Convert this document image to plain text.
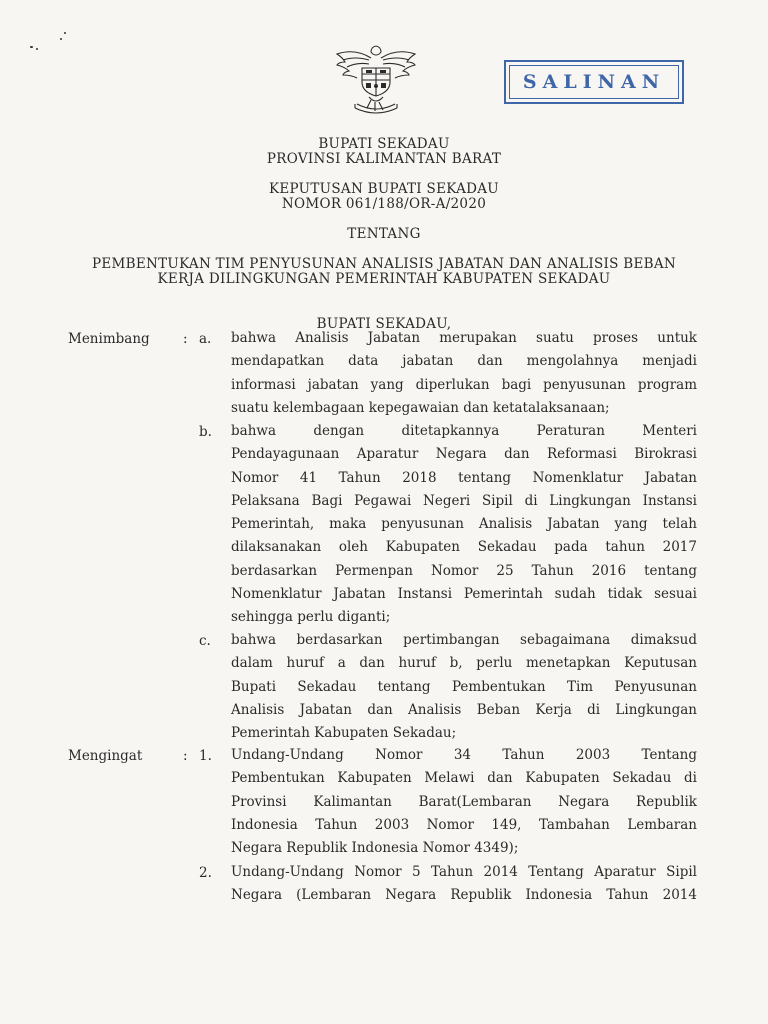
SALINAN
BUPATI SEKADAU
PROVINSI KALIMANTAN BARAT
KEPUTUSAN BUPATI SEKADAU
NOMOR 061/188/OR-A/2020
TENTANG
PEMBENTUKAN TIM PENYUSUNAN ANALISIS JABATAN DAN ANALISIS BEBAN
KERJA DILINGKUNGAN PEMERINTAH KABUPATEN SEKADAU
BUPATI SEKADAU,
Menimbang : a. bahwa Analisis Jabatan merupakan suatu proses untuk
mendapatkan data jabatan dan mengolahnya menjadi
informasi jabatan yang diperlukan bagi penyusunan program
suatu kelembagaan kepegawaian dan ketatalaksanaan;
b. bahwa dengan ditetapkannya Peraturan Menteri
Pendayagunaan Aparatur Negara dan Reformasi Birokrasi
Nomor 41 Tahun 2018 tentang Nomenklatur Jabatan
Pelaksana Bagi Pegawai Negeri Sipil di Lingkungan Instansi
Pemerintah, maka penyusunan Analisis Jabatan yang telah
dilaksanakan oleh Kabupaten Sekadau pada tahun 2017
berdasarkan Permenpan Nomor 25 Tahun 2016 tentang
Nomenklatur Jabatan Instansi Pemerintah sudah tidak sesuai
sehingga perlu diganti;
c. bahwa berdasarkan pertimbangan sebagaimana dimaksud
dalam huruf a dan huruf b, perlu menetapkan Keputusan
Bupati Sekadau tentang Pembentukan Tim Penyusunan
Analisis Jabatan dan Analisis Beban Kerja di Lingkungan
Pemerintah Kabupaten Sekadau;
Mengingat	: 1. Undang-Undang Nomor 34 Tahun 2003 Tentang
Pembentukan Kabupaten Melawi dan Kabupaten Sekadau di
Provinsi Kalimantan Barat(Lembaran Negara Republik
Indonesia Tahun 2003 Nomor 149, Tambahan Lembaran
Negara Republik Indonesia Nomor 4349);
2. Undang-Undang Nomor 5 Tahun 2014 Tentang Aparatur Sipil
Negara (Lembaran Negara Republik Indonesia Tahun 2014
